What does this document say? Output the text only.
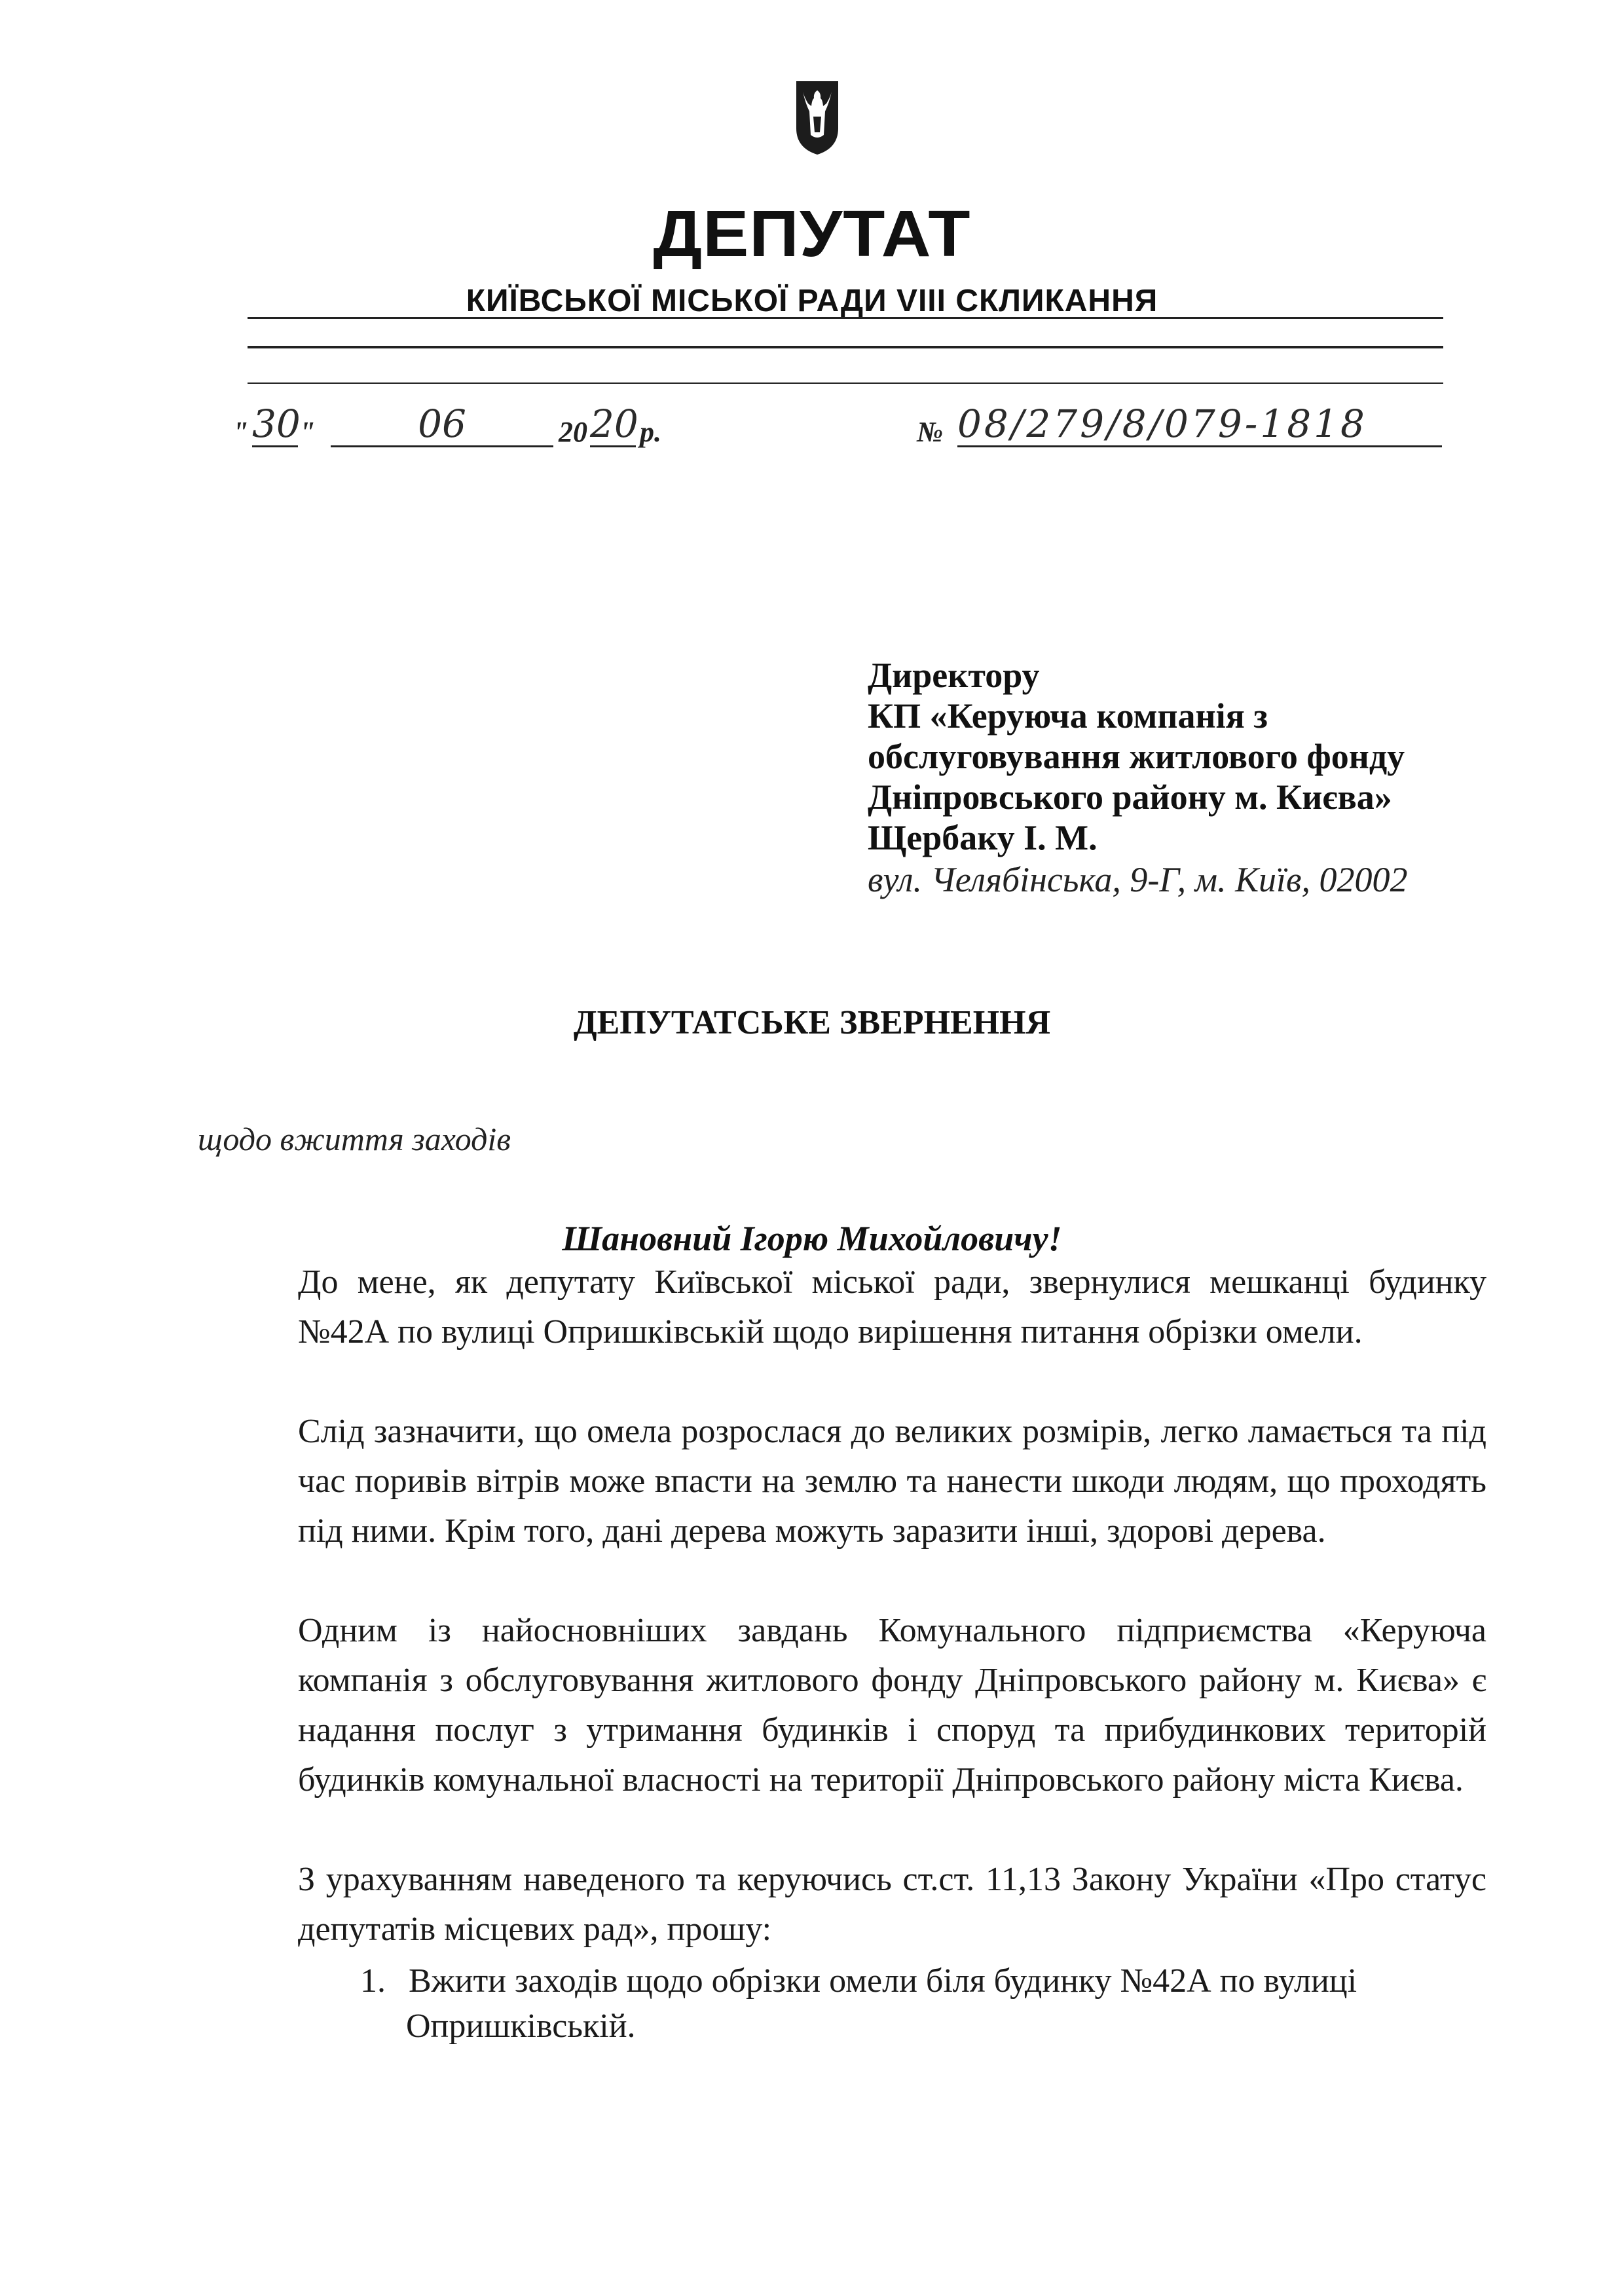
ДЕПУТАТ
КИЇВСЬКОЇ МІСЬКОЇ РАДИ VIII СКЛИКАННЯ
" 30
"	06	20 20 р.	№ 08/279/8/079-1818
Директору
КП «Керуюча компанія з
обслуговування житлового фонду
Дніпровського району м. Києва»
Щербаку І. М.
вул. Челябінська, 9-Г, м. Київ, 02002
ДЕПУТАТСЬКЕ ЗВЕРНЕННЯ
щодо вжиття заходів
Шановний Ігорю Михойловичу!
До мене, як депутату Київської міської ради, звернулися мешканці будинку №42А по вулиці Опришківській щодо вирішення питання обрізки омели.
Слід зазначити, що омела розрослася до великих розмірів, легко ламається та під час поривів вітрів може впасти на землю та нанести шкоди людям, що проходять під ними. Крім того, дані дерева можуть заразити інші, здорові дерева.
Одним із найосновніших завдань Комунального підприємства «Керуюча компанія з обслуговування житлового фонду Дніпровського району м. Києва» є надання послуг з утримання будинків і споруд та прибудинкових територій будинків комунальної власності на території Дніпровського району міста Києва.
З урахуванням наведеного та керуючись ст.ст. 11,13 Закону України «Про статус депутатів місцевих рад», прошу:
1. Вжити заходів щодо обрізки омели біля будинку №42А по вулиці
Опришківській.
